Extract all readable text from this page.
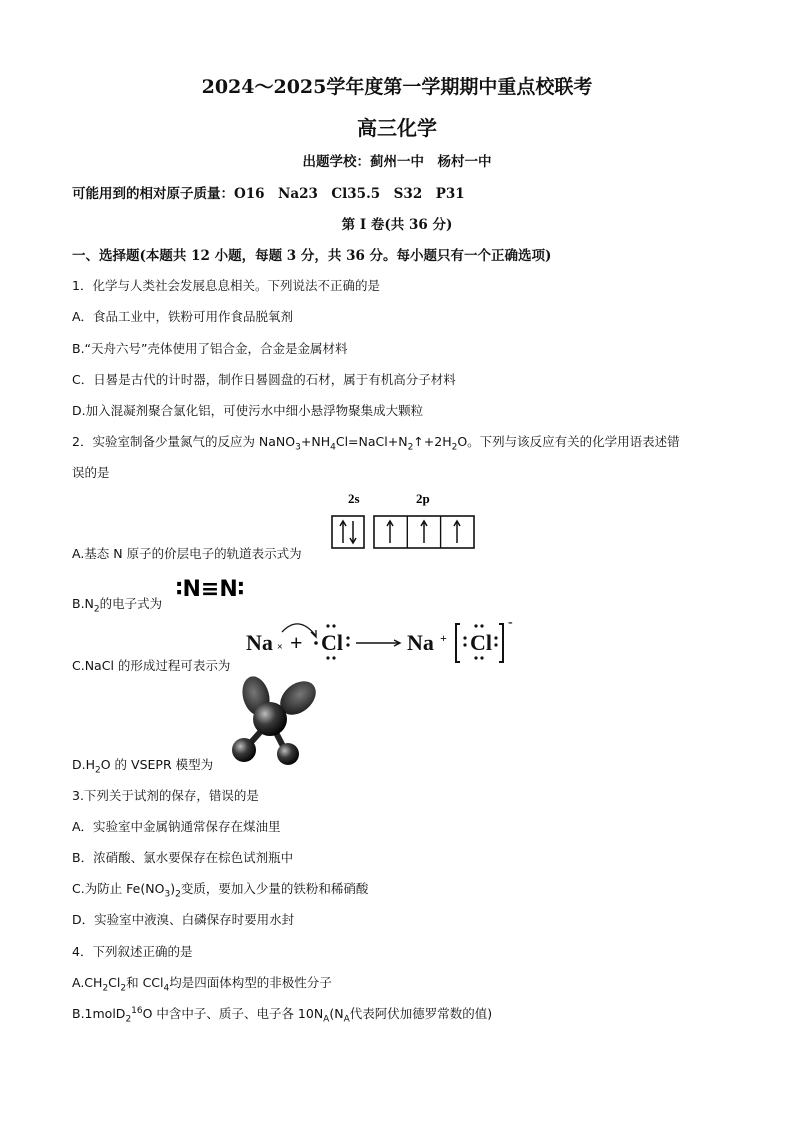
2024～2025学年度第一学期期中重点校联考
高三化学
出题学校：蓟州一中　杨村一中
可能用到的相对原子质量：O16　Na23　Cl35.5　S32　P31
第 I 卷(共 36 分)
一、选择题(本题共 12 小题，每题 3 分，共 36 分。每小题只有一个正确选项)
1．化学与人类社会发展息息相关。下列说法不正确的是
A．食品工业中，铁粉可用作食品脱氧剂
B.“天舟六号”壳体使用了铝合金，合金是金属材料
C．日晷是古代的计时器，制作日晷圆盘的石材，属于有机高分子材料
D.加入混凝剂聚合氯化铝，可使污水中细小悬浮物聚集成大颗粒
2．实验室制备少量氮气的反应为 $NaNO_3+NH_4Cl=NaCl+N_2↑+2H_2O$。下列与该反应有关的化学用语表述错
误的是
A.基态 N 原子的价层电子的轨道表示式为
2s	2p
$B.N_2$的电子式为
∶N≡N∶
C.NaCl 的形成过程可表示为
Na × + Cl	Na + Cl
-
$D.H_2O$ 的 VSEPR 模型为
3.下列关于试剂的保存，错误的是
A．实验室中金属钠通常保存在煤油里
B．浓硝酸、氯水要保存在棕色试剂瓶中
C.为防止 $Fe(NO_3)_2$变质，要加入少量的铁粉和稀硝酸
D．实验室中液溴、白磷保存时要用水封
4．下列叙述正确的是
$A.CH_2Cl_2$和 CCl$_4$均是四面体构型的非极性分子
B.1molD$_2^{16}$O 中含中子、质子、电子各 $10N_A(N_A$代表阿伏加德罗常数的值)
